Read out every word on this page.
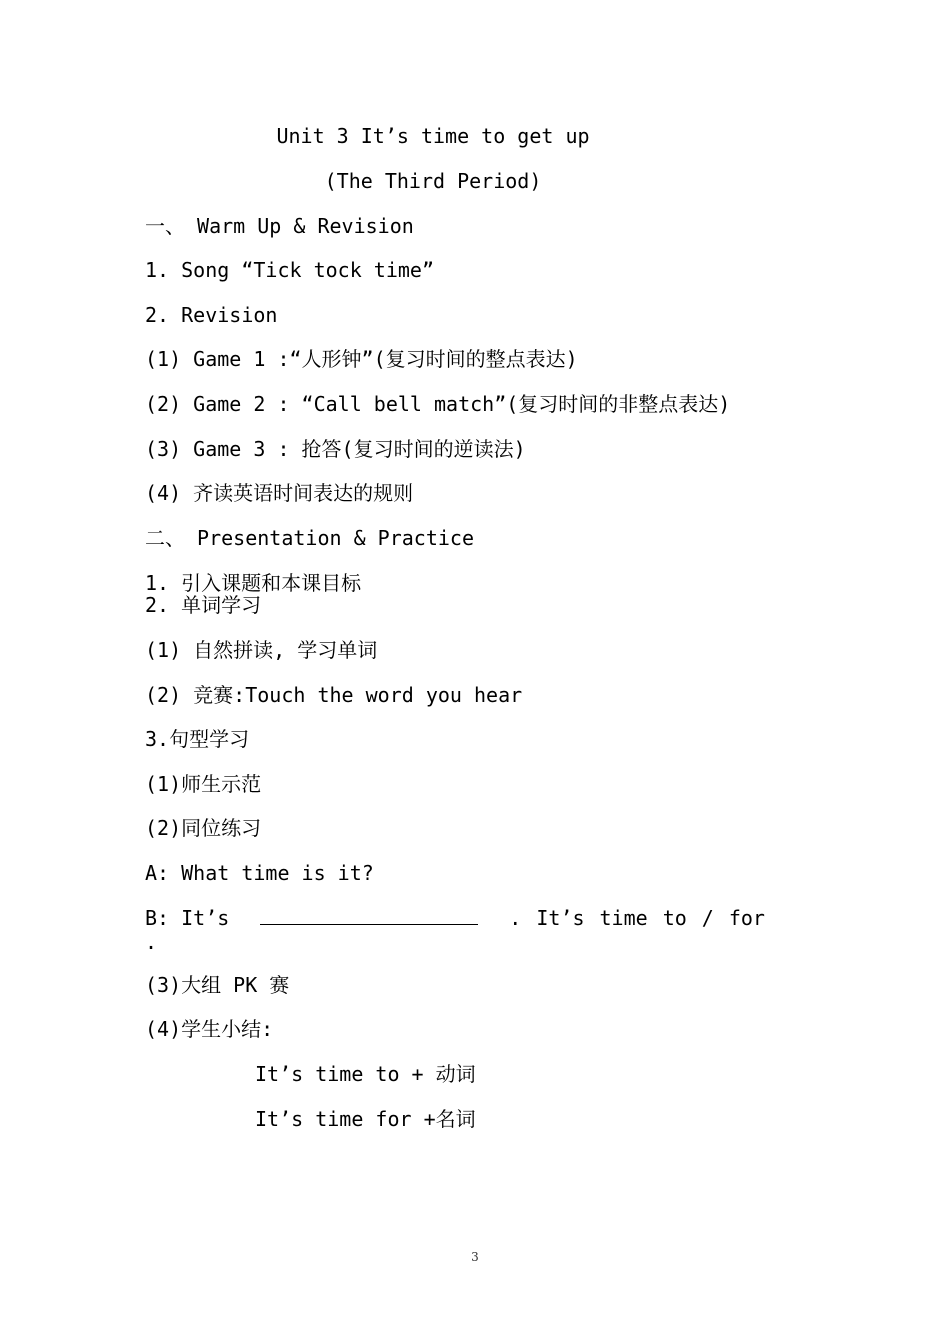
Unit 3 It’s time to get up
(The Third Period)
一、 Warm Up & Revision
1. Song “Tick tock time”
2. Revision
(1) Game 1 :“人形钟”(复习时间的整点表达)
(2) Game 2 : “Call bell match”(复习时间的非整点表达)
(3) Game 3 : 抢答(复习时间的逆读法)
(4) 齐读英语时间表达的规则
二、 Presentation & Practice
1. 引入课题和本课目标
2. 单词学习
(1) 自然拼读, 学习单词
(2) 竞赛:Touch the word you hear
3.句型学习
(1)师生示范
(2)同位练习
A: What time is it?
B: It’s	. It’s time to / for
.
(3)大组 PK 赛
(4)学生小结:
It’s time to + 动词
It’s time for +名词
3
